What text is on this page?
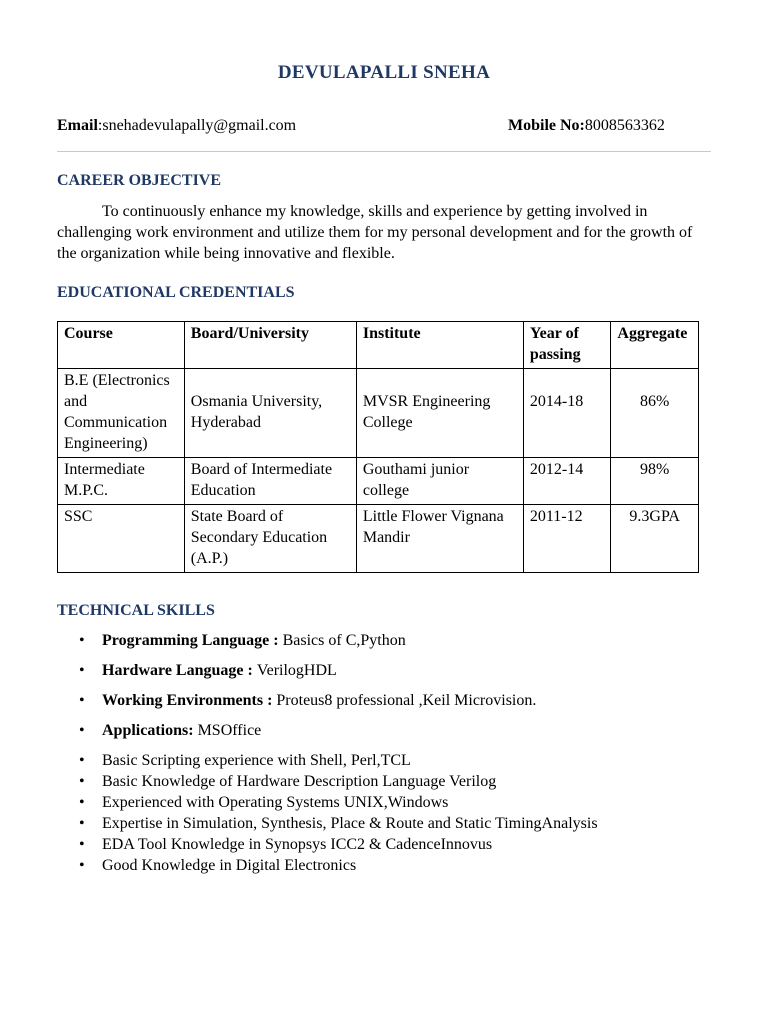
DEVULAPALLI SNEHA
Email:snehadevulapally@gmail.com	Mobile No:8008563362
CAREER OBJECTIVE
To continuously enhance my knowledge, skills and experience by getting involved in challenging work environment and utilize them for my personal development and for the growth of the organization while being innovative and flexible.
EDUCATIONAL CREDENTIALS
Course	Board/University	Institute	Year of passing	Aggregate
B.E (Electronics and Communication Engineering)	Osmania University, Hyderabad	MVSR Engineering College	2014-18	86%
Intermediate M.P.C.	Board of Intermediate Education	Gouthami junior college	2012-14	98%
SSC	State Board of Secondary Education (A.P.)	Little Flower Vignana Mandir	2011-12	9.3GPA
TECHNICAL SKILLS
• Programming Language : Basics of C,Python
• Hardware Language : VerilogHDL
• Working Environments : Proteus8 professional ,Keil Microvision.
• Applications: MSOffice
• Basic Scripting experience with Shell, Perl,TCL
• Basic Knowledge of Hardware Description Language Verilog
• Experienced with Operating Systems UNIX,Windows
• Expertise in Simulation, Synthesis, Place & Route and Static TimingAnalysis
• EDA Tool Knowledge in Synopsys ICC2 & CadenceInnovus
• Good Knowledge in Digital Electronics
